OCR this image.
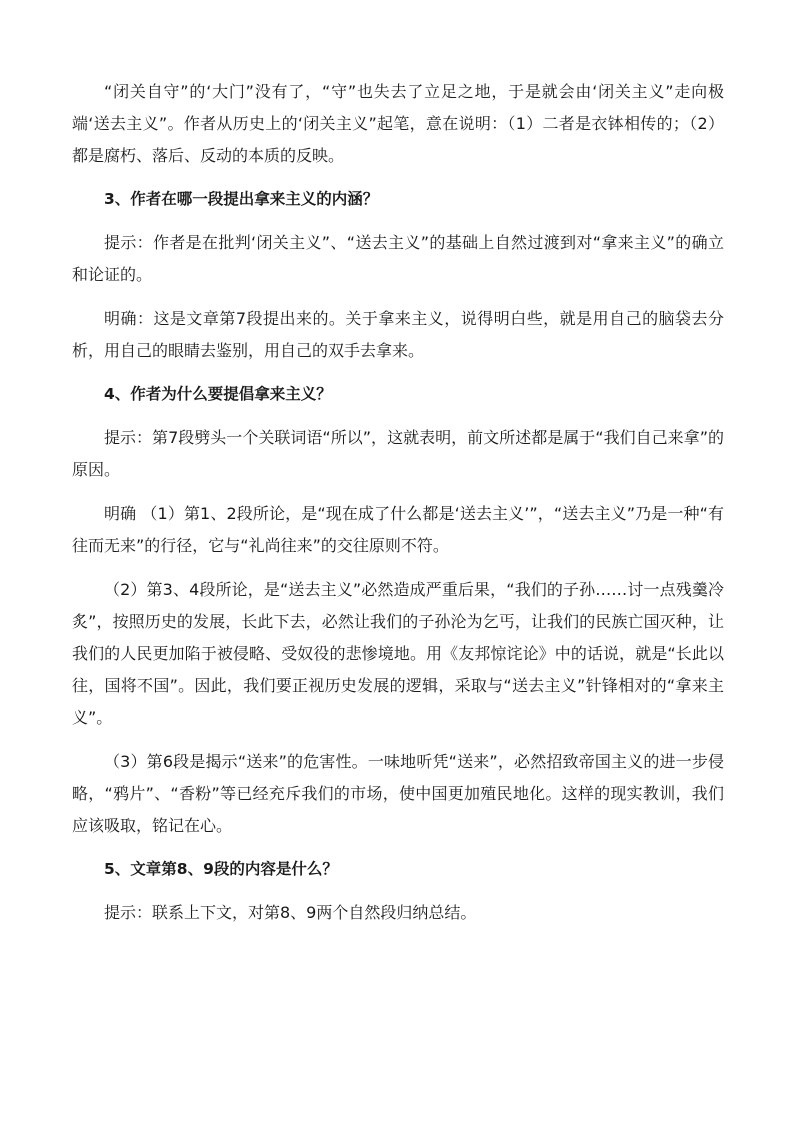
“闭关自守”的‘大门”没有了，“守”也失去了立足之地，于是就会由‘闭关主义”走向极端‘送去主义”。作者从历史上的‘闭关主义”起笔，意在说明：（1）二者是衣钵相传的；（2）都是腐朽、落后、反动的本质的反映。

3、作者在哪一段提出拿来主义的内涵？

提示：作者是在批判‘闭关主义”、“送去主义”的基础上自然过渡到对“拿来主义”的确立和论证的。

明确：这是文章第7段提出来的。关于拿来主义，说得明白些，就是用自己的脑袋去分析，用自己的眼睛去鉴别，用自己的双手去拿来。

4、作者为什么要提倡拿来主义？

提示：第7段劈头一个关联词语“所以”，这就表明，前文所述都是属于“我们自己来拿”的原因。

明确 （1）第1、2段所论，是“现在成了什么都是‘送去主义’”，“送去主义”乃是一种“有往而无来”的行径，它与“礼尚往来”的交往原则不符。

（2）第3、4段所论，是“送去主义”必然造成严重后果，“我们的子孙……讨一点残羹冷炙”，按照历史的发展，长此下去，必然让我们的子孙沦为乞丐，让我们的民族亡国灭种，让我们的人民更加陷于被侵略、受奴役的悲惨境地。用《友邦惊诧论》中的话说，就是“长此以往，国将不国”。因此，我们要正视历史发展的逻辑，采取与“送去主义”针锋相对的“拿来主义”。

（3）第6段是揭示“送来”的危害性。一味地听凭“送来”，必然招致帝国主义的进一步侵略，“鸦片”、“香粉”等已经充斥我们的市场，使中国更加殖民地化。这样的现实教训，我们应该吸取，铭记在心。

5、文章第8、9段的内容是什么？

提示：联系上下文，对第8、9两个自然段归纳总结。
